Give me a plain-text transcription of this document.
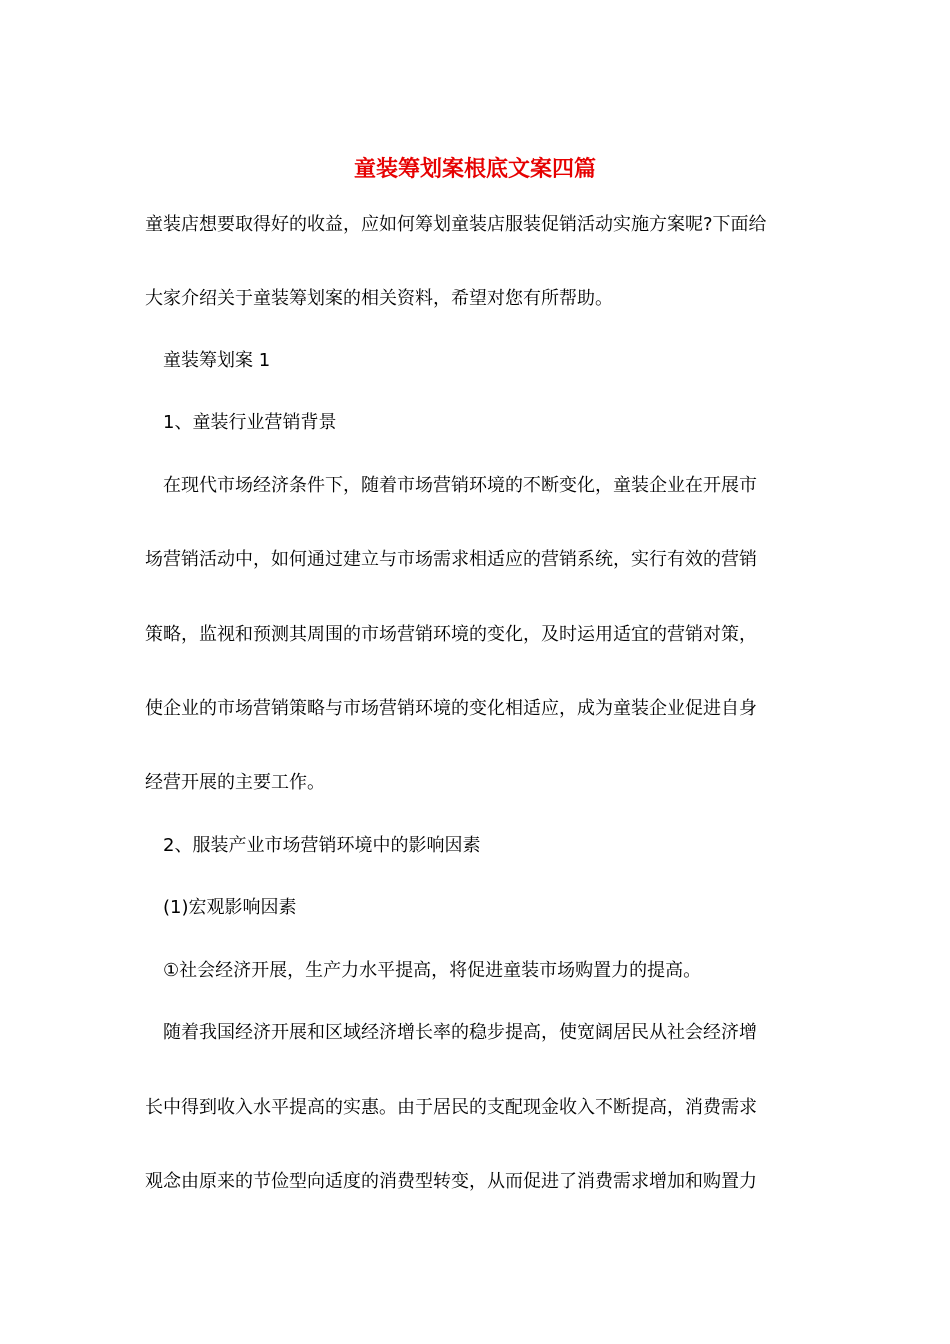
童装筹划案根底文案四篇

童装店想要取得好的收益，应如何筹划童装店服装促销活动实施方案呢?下面给

大家介绍关于童装筹划案的相关资料，希望对您有所帮助。

童装筹划案 1

1、童装行业营销背景

在现代市场经济条件下，随着市场营销环境的不断变化，童装企业在开展市

场营销活动中，如何通过建立与市场需求相适应的营销系统，实行有效的营销

策略，监视和预测其周围的市场营销环境的变化，及时运用适宜的营销对策，

使企业的市场营销策略与市场营销环境的变化相适应，成为童装企业促进自身

经营开展的主要工作。

2、服装产业市场营销环境中的影响因素

(1)宏观影响因素

①社会经济开展，生产力水平提高，将促进童装市场购置力的提高。

随着我国经济开展和区域经济增长率的稳步提高，使宽阔居民从社会经济增

长中得到收入水平提高的实惠。由于居民的支配现金收入不断提高，消费需求

观念由原来的节俭型向适度的消费型转变，从而促进了消费需求增加和购置力
